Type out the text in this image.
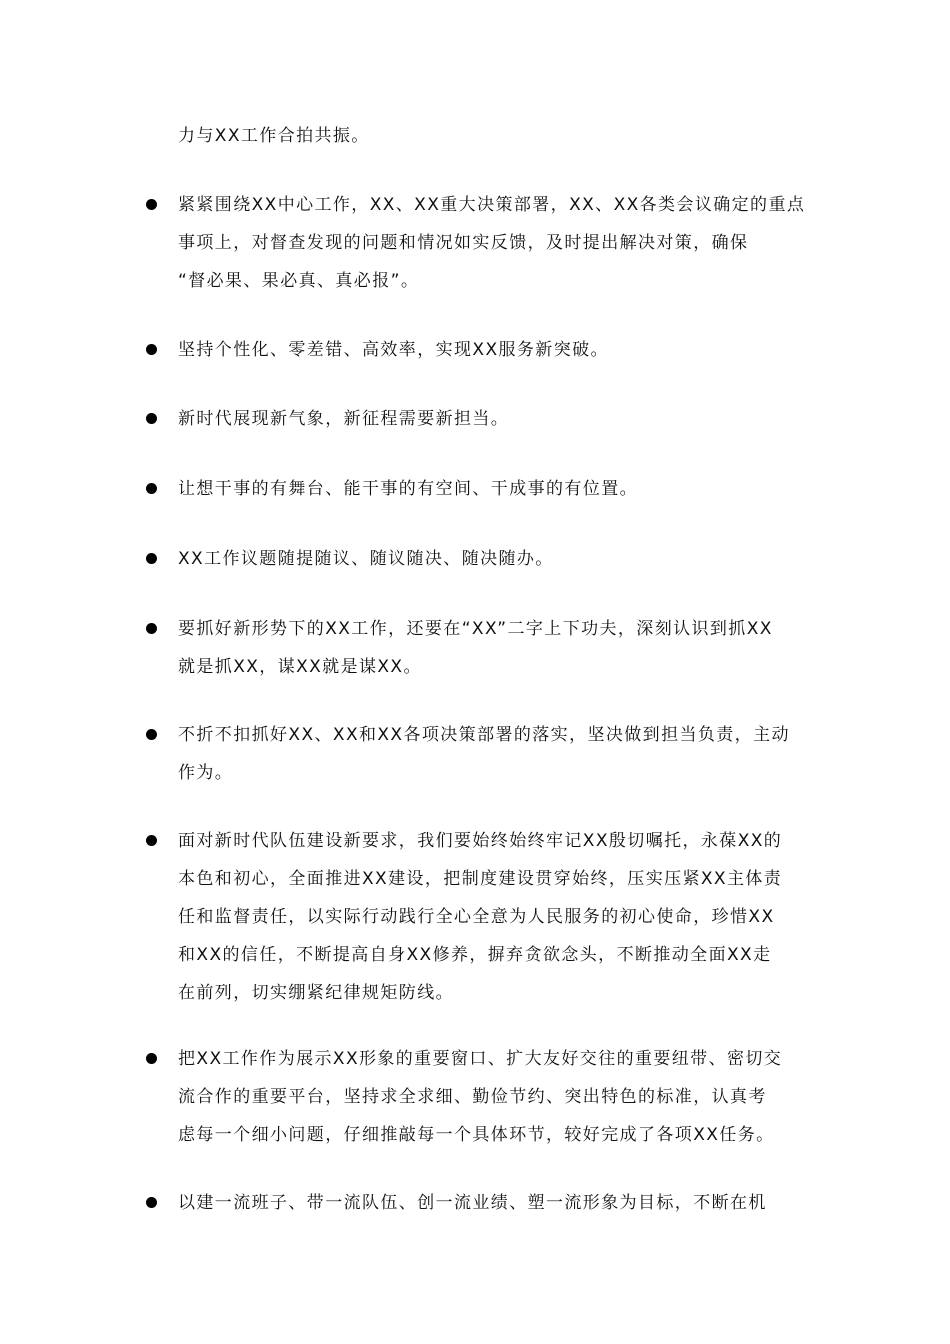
力与XX工作合拍共振。
紧紧围绕XX中心工作，XX、XX重大决策部署，XX、XX各类会议确定的重点
事项上，对督查发现的问题和情况如实反馈，及时提出解决对策，确保
“督必果、果必真、真必报”。
坚持个性化、零差错、高效率，实现XX服务新突破。
新时代展现新气象，新征程需要新担当。
让想干事的有舞台、能干事的有空间、干成事的有位置。
XX工作议题随提随议、随议随决、随决随办。
要抓好新形势下的XX工作，还要在“XX”二字上下功夫，深刻认识到抓XX
就是抓XX，谋XX就是谋XX。
不折不扣抓好XX、XX和XX各项决策部署的落实，坚决做到担当负责，主动
作为。
面对新时代队伍建设新要求，我们要始终始终牢记XX殷切嘱托，永葆XX的
本色和初心，全面推进XX建设，把制度建设贯穿始终，压实压紧XX主体责
任和监督责任，以实际行动践行全心全意为人民服务的初心使命，珍惜XX
和XX的信任，不断提高自身XX修养，摒弃贪欲念头，不断推动全面XX走
在前列，切实绷紧纪律规矩防线。
把XX工作作为展示XX形象的重要窗口、扩大友好交往的重要纽带、密切交
流合作的重要平台，坚持求全求细、勤俭节约、突出特色的标准，认真考
虑每一个细小问题，仔细推敲每一个具体环节，较好完成了各项XX任务。
以建一流班子、带一流队伍、创一流业绩、塑一流形象为目标，不断在机
